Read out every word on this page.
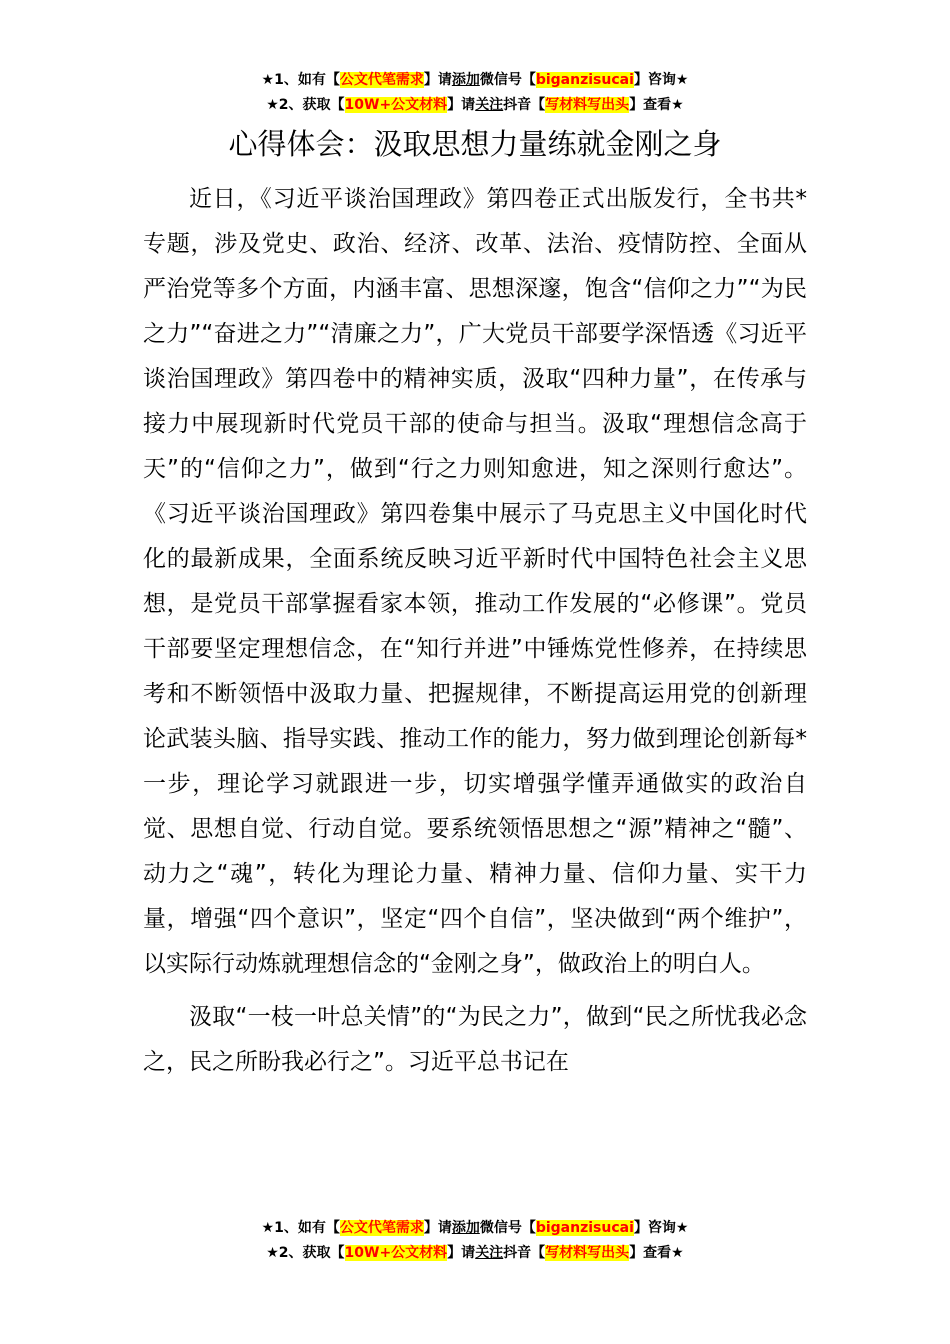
★1、如有【公文代笔需求】请添加微信号【biganzisucai】咨询★
★2、获取【10W+公文材料】请关注抖音【写材料写出头】查看★
心得体会：汲取思想力量练就金刚之身

近日，《习近平谈治国理政》第四卷正式出版发行，全书共*专题，涉及党史、政治、经济、改革、法治、疫情防控、全面从严治党等多个方面，内涵丰富、思想深邃，饱含“信仰之力”“为民之力”“奋进之力”“清廉之力”，广大党员干部要学深悟透《习近平谈治国理政》第四卷中的精神实质，汲取“四种力量”，在传承与接力中展现新时代党员干部的使命与担当。汲取“理想信念高于天”的“信仰之力”，做到“行之力则知愈进，知之深则行愈达”。《习近平谈治国理政》第四卷集中展示了马克思主义中国化时代化的最新成果，全面系统反映习近平新时代中国特色社会主义思想，是党员干部掌握看家本领，推动工作发展的“必修课”。党员干部要坚定理想信念，在“知行并进”中锤炼党性修养，在持续思考和不断领悟中汲取力量、把握规律，不断提高运用党的创新理论武装头脑、指导实践、推动工作的能力，努力做到理论创新每*一步，理论学习就跟进一步，切实增强学懂弄通做实的政治自觉、思想自觉、行动自觉。要系统领悟思想之“源”精神之“髓”、动力之“魂”，转化为理论力量、精神力量、信仰力量、实干力量，增强“四个意识”，坚定“四个自信”，坚决做到“两个维护”，以实际行动炼就理想信念的“金刚之身”，做政治上的明白人。

汲取“一枝一叶总关情”的“为民之力”，做到“民之所忧我必念之，民之所盼我必行之”。习近平总书记在

★1、如有【公文代笔需求】请添加微信号【biganzisucai】咨询★
★2、获取【10W+公文材料】请关注抖音【写材料写出头】查看★
